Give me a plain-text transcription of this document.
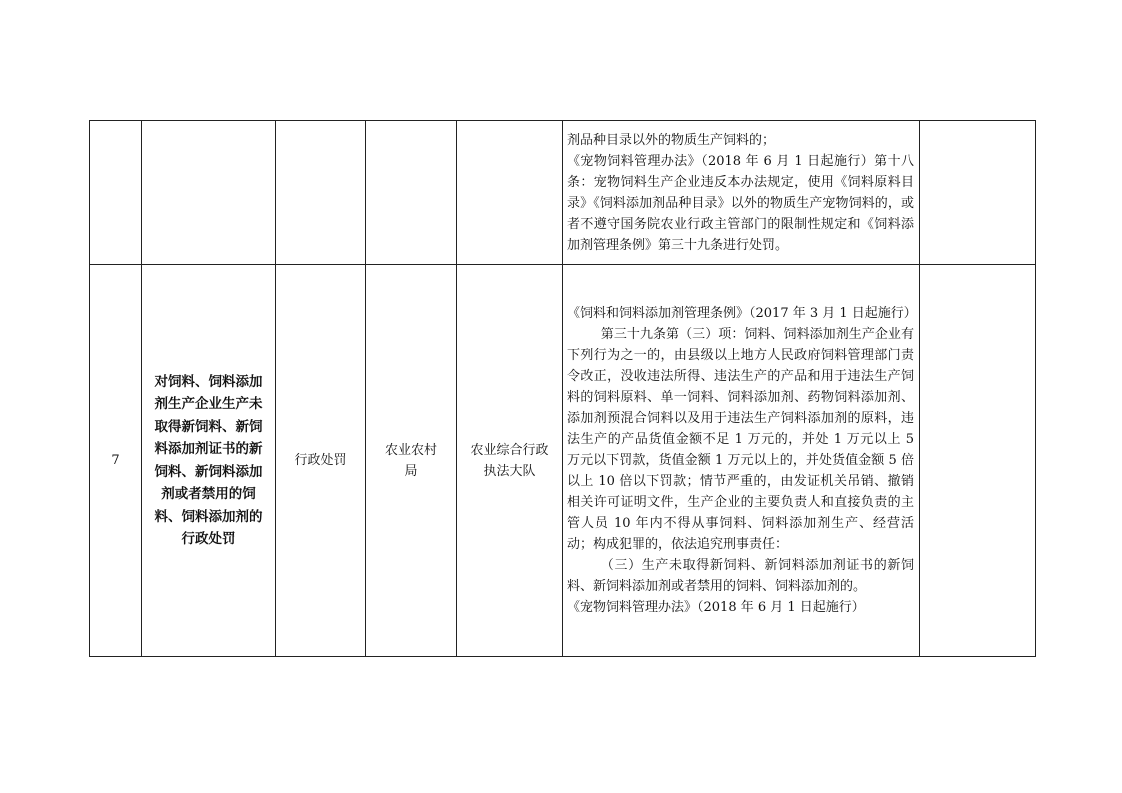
					剂品种目录以外的物质生产饲料的；

《宠物饲料管理办法》（2018 年 6 月 1 日起施行）第十八条：宠物饲料生产企业违反本办法规定，使用《饲料原料目录》《饲料添加剂品种目录》以外的物质生产宠物饲料的，或者不遵守国务院农业行政主管部门的限制性规定和《饲料添加剂管理条例》第三十九条进行处罚。	

7	对饲料、饲料添加剂生产企业生产未取得新饲料、新饲料添加剂证书的新饲料、新饲料添加剂或者禁用的饲料、饲料添加剂的行政处罚	行政处罚	农业农村局	农业综合行政执法大队	《饲料和饲料添加剂管理条例》（2017 年 3 月 1 日起施行）

第三十九条第（三）项：饲料、饲料添加剂生产企业有下列行为之一的，由县级以上地方人民政府饲料管理部门责令改正，没收违法所得、违法生产的产品和用于违法生产饲料的饲料原料、单一饲料、饲料添加剂、药物饲料添加剂、添加剂预混合饲料以及用于违法生产饲料添加剂的原料，违法生产的产品货值金额不足 1 万元的，并处 1 万元以上 5 万元以下罚款，货值金额 1 万元以上的，并处货值金额 5 倍以上 10 倍以下罚款；情节严重的，由发证机关吊销、撤销相关许可证明文件，生产企业的主要负责人和直接负责的主管人员 10 年内不得从事饲料、饲料添加剂生产、经营活动；构成犯罪的，依法追究刑事责任：

（三）生产未取得新饲料、新饲料添加剂证书的新饲料、新饲料添加剂或者禁用的饲料、饲料添加剂的。

《宠物饲料管理办法》（2018 年 6 月 1 日起施行）	
